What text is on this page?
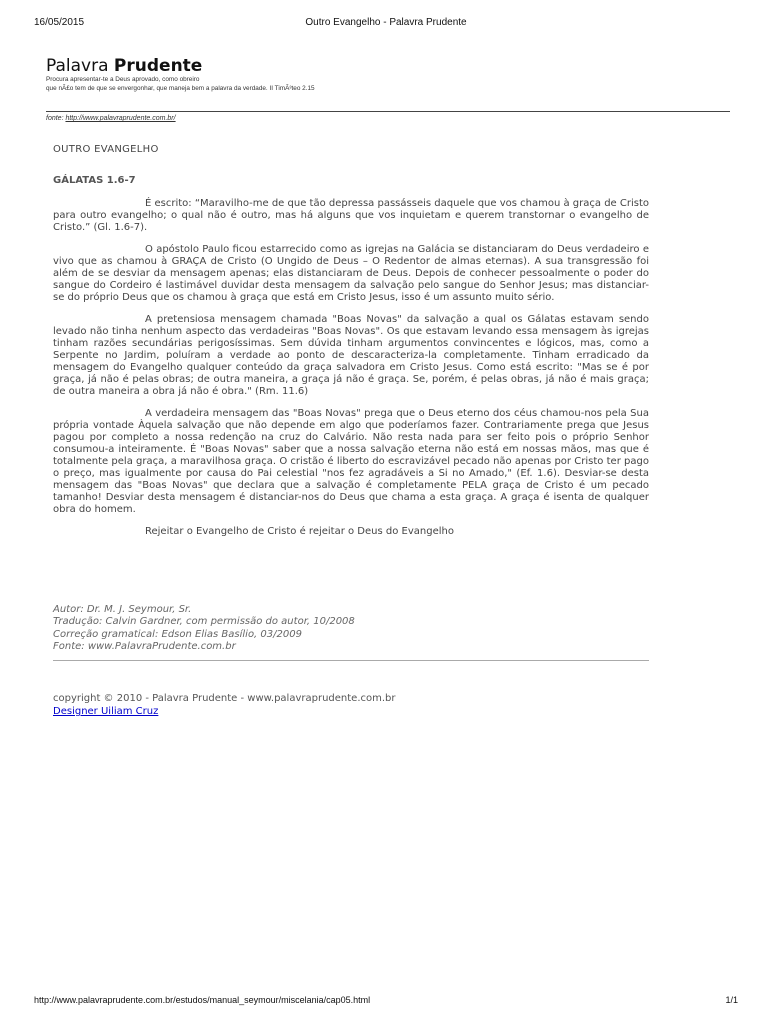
16/05/2015	Outro Evangelho - Palavra Prudente
Palavra Prudente
Procura apresentar-te a Deus aprovado, como obreiro
que nÃ£o tem de que se envergonhar, que maneja bem a palavra da verdade. II TimÃ³teo 2.15
fonte: http://www.palavraprudente.com.br/
OUTRO EVANGELHO
GÁLATAS 1.6-7

É escrito: “Maravilho-me de que tão depressa passásseis daquele que vos chamou à graça de Cristo para outro evangelho; o qual não é outro, mas há alguns que vos inquietam e querem transtornar o evangelho de Cristo.” (Gl. 1.6-7).

O apóstolo Paulo ficou estarrecido como as igrejas na Galácia se distanciaram do Deus verdadeiro e vivo que as chamou à GRAÇA de Cristo (O Ungido de Deus – O Redentor de almas eternas). A sua transgressão foi além de se desviar da mensagem apenas; elas distanciaram de Deus. Depois de conhecer pessoalmente o poder do sangue do Cordeiro é lastimável duvidar desta mensagem da salvação pelo sangue do Senhor Jesus; mas distanciar-se do próprio Deus que os chamou à graça que está em Cristo Jesus, isso é um assunto muito sério.

A pretensiosa mensagem chamada "Boas Novas" da salvação a qual os Gálatas estavam sendo levado não tinha nenhum aspecto das verdadeiras "Boas Novas". Os que estavam levando essa mensagem às igrejas tinham razões secundárias perigosíssimas. Sem dúvida tinham argumentos convincentes e lógicos, mas, como a Serpente no Jardim, poluíram a verdade ao ponto de descaracteriza-la completamente. Tinham erradicado da mensagem do Evangelho qualquer conteúdo da graça salvadora em Cristo Jesus. Como está escrito: "Mas se é por graça, já não é pelas obras; de outra maneira, a graça já não é graça. Se, porém, é pelas obras, já não é mais graça; de outra maneira a obra já não é obra." (Rm. 11.6)

A verdadeira mensagem das "Boas Novas" prega que o Deus eterno dos céus chamou-nos pela Sua própria vontade Àquela salvação que não depende em algo que poderíamos fazer. Contrariamente prega que Jesus pagou por completo a nossa redenção na cruz do Calvário. Não resta nada para ser feito pois o próprio Senhor consumou-a inteiramente. É "Boas Novas" saber que a nossa salvação eterna não está em nossas mãos, mas que é totalmente pela graça, a maravilhosa graça. O cristão é liberto do escravizável pecado não apenas por Cristo ter pago o preço, mas igualmente por causa do Pai celestial "nos fez agradáveis a Si no Amado," (Ef. 1.6). Desviar-se desta mensagem das "Boas Novas" que declara que a salvação é completamente PELA graça de Cristo é um pecado tamanho! Desviar desta mensagem é distanciar-nos do Deus que chama a esta graça. A graça é isenta de qualquer obra do homem.

Rejeitar o Evangelho de Cristo é rejeitar o Deus do Evangelho

Autor: Dr. M. J. Seymour, Sr.
Tradução: Calvin Gardner, com permissão do autor, 10/2008
Correção gramatical: Edson Elias Basílio, 03/2009
Fonte: www.PalavraPrudente.com.br
copyright © 2010 - Palavra Prudente - www.palavraprudente.com.br
Designer Uiliam Cruz
http://www.palavraprudente.com.br/estudos/manual_seymour/miscelania/cap05.html	1/1
